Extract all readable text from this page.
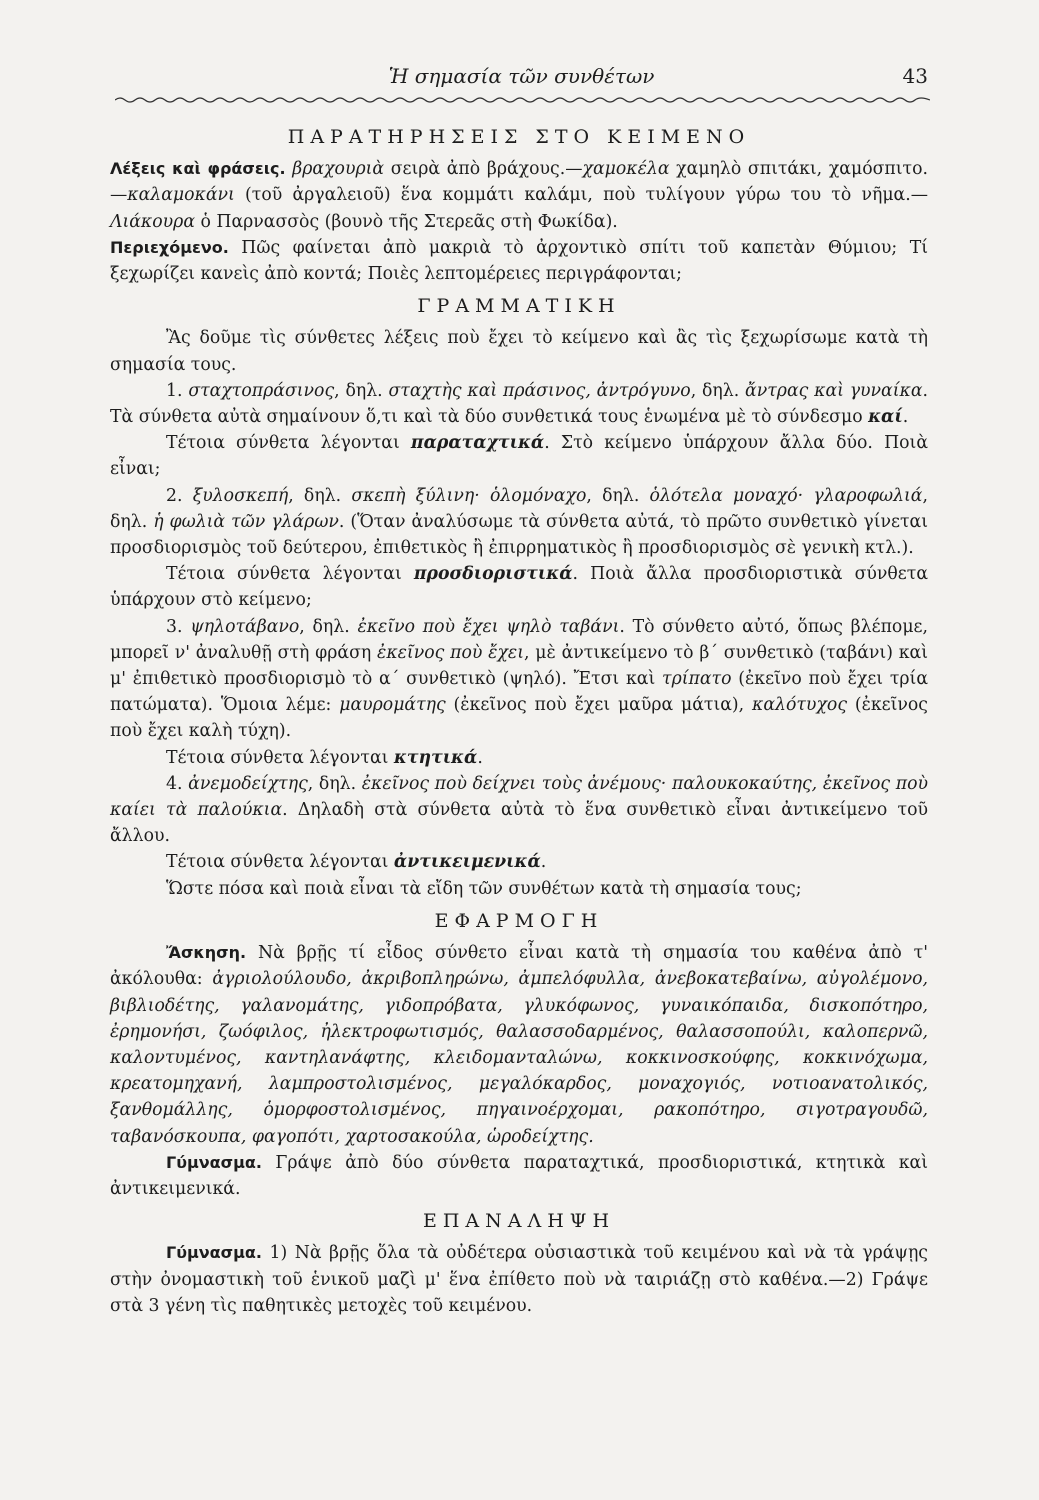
Ἡ σημασία τῶν συνθέτων	43
ΠΑΡΑΤΗΡΗΣΕΙΣ ΣΤΟ ΚΕΙΜΕΝΟ

Λέξεις καὶ φράσεις. βραχουριὰ σειρὰ ἀπὸ βράχους.—χαμοκέλα χαμηλὸ σπιτάκι, χαμόσπιτο.—καλαμοκάνι (τοῦ ἀργαλειοῦ) ἕνα κομμάτι καλάμι, ποὺ τυλίγουν γύρω του τὸ νῆμα.—Λιάκουρα ὁ Παρνασσὸς (βουνὸ τῆς Στερεᾶς στὴ Φωκίδα).

Περιεχόμενο. Πῶς φαίνεται ἀπὸ μακριὰ τὸ ἀρχοντικὸ σπίτι τοῦ καπετὰν Θύμιου; Τί ξεχωρίζει κανεὶς ἀπὸ κοντά; Ποιὲς λεπτομέρειες περιγράφονται;

ΓΡΑΜΜΑΤΙΚΗ

Ἂς δοῦμε τὶς σύνθετες λέξεις ποὺ ἔχει τὸ κείμενο καὶ ἂς τὶς ξεχωρίσωμε κατὰ τὴ σημασία τους.

1. σταχτοπράσινος, δηλ. σταχτὴς καὶ πράσινος, ἀντρόγυνο, δηλ. ἄντρας καὶ γυναίκα. Τὰ σύνθετα αὐτὰ σημαίνουν ὅ,τι καὶ τὰ δύο συνθετικά τους ἑνωμένα μὲ τὸ σύνδεσμο καί.

Τέτοια σύνθετα λέγονται παραταχτικά. Στὸ κείμενο ὑπάρχουν ἄλλα δύο. Ποιὰ εἶναι;

2. ξυλοσκεπή, δηλ. σκεπὴ ξύλινη· ὁλομόναχο, δηλ. ὁλότελα μοναχό· γλαροφωλιά, δηλ. ἡ φωλιὰ τῶν γλάρων. (Ὅταν ἀναλύσωμε τὰ σύνθετα αὐτά, τὸ πρῶτο συνθετικὸ γίνεται προσδιορισμὸς τοῦ δεύτερου, ἐπιθετικὸς ἢ ἐπιρρηματικὸς ἢ προσδιορισμὸς σὲ γενικὴ κτλ.).

Τέτοια σύνθετα λέγονται προσδιοριστικά. Ποιὰ ἄλλα προσδιοριστικὰ σύνθετα ὑπάρχουν στὸ κείμενο;

3. ψηλοτάβανο, δηλ. ἐκεῖνο ποὺ ἔχει ψηλὸ ταβάνι. Τὸ σύνθετο αὐτό, ὅπως βλέπομε, μπορεῖ ν' ἀναλυθῇ στὴ φράση ἐκεῖνος ποὺ ἔχει, μὲ ἀντικείμενο τὸ β΄ συνθετικὸ (ταβάνι) καὶ μ' ἐπιθετικὸ προσδιορισμὸ τὸ α΄ συνθετικὸ (ψηλό). Ἔτσι καὶ τρίπατο (ἐκεῖνο ποὺ ἔχει τρία πατώματα). Ὅμοια λέμε: μαυρομάτης (ἐκεῖνος ποὺ ἔχει μαῦρα μάτια), καλότυχος (ἐκεῖνος ποὺ ἔχει καλὴ τύχη).

Τέτοια σύνθετα λέγονται κτητικά.

4. ἀνεμοδείχτης, δηλ. ἐκεῖνος ποὺ δείχνει τοὺς ἀνέμους· παλουκοκαύτης, ἐκεῖνος ποὺ καίει τὰ παλούκια. Δηλαδὴ στὰ σύνθετα αὐτὰ τὸ ἕνα συνθετικὸ εἶναι ἀντικείμενο τοῦ ἄλλου.

Τέτοια σύνθετα λέγονται ἀντικειμενικά.

Ὥστε πόσα καὶ ποιὰ εἶναι τὰ εἴδη τῶν συνθέτων κατὰ τὴ σημασία τους;

ΕΦΑΡΜΟΓΗ

Ἄσκηση. Νὰ βρῇς τί εἶδος σύνθετο εἶναι κατὰ τὴ σημασία του καθένα ἀπὸ τ' ἀκόλουθα: ἀγριολούλουδο, ἀκριβοπληρώνω, ἀμπελόφυλλα, ἀνεβοκατεβαίνω, αὐγολέμονο, βιβλιοδέτης, γαλανομάτης, γιδοπρόβατα, γλυκόφωνος, γυναικόπαιδα, δισκοπότηρο, ἐρημονήσι, ζωόφιλος, ἠλεκτροφωτισμός, θαλασσοδαρμένος, θαλασσοπούλι, καλοπερνῶ, καλοντυμένος, καντηλανάφτης, κλειδομανταλώνω, κοκκινοσκούφης, κοκκινόχωμα, κρεατομηχανή, λαμπροστολισμένος, μεγαλόκαρδος, μοναχογιός, νοτιοανατολικός, ξανθομάλλης, ὁμορφοστολισμένος, πηγαινοέρχομαι, ρακοπότηρο, σιγοτραγουδῶ, ταβανόσκουπα, φαγοπότι, χαρτοσακούλα, ὡροδείχτης.

Γύμνασμα. Γράψε ἀπὸ δύο σύνθετα παραταχτικά, προσδιοριστικά, κτητικὰ καὶ ἀντικειμενικά.

ΕΠΑΝΑΛΗΨΗ

Γύμνασμα. 1) Νὰ βρῇς ὅλα τὰ οὐδέτερα οὐσιαστικὰ τοῦ κειμένου καὶ νὰ τὰ γράψῃς στὴν ὀνομαστικὴ τοῦ ἑνικοῦ μαζὶ μ' ἕνα ἐπίθετο ποὺ νὰ ταιριάζῃ στὸ καθένα.—2) Γράψε στὰ 3 γένη τὶς παθητικὲς μετοχὲς τοῦ κειμένου.
